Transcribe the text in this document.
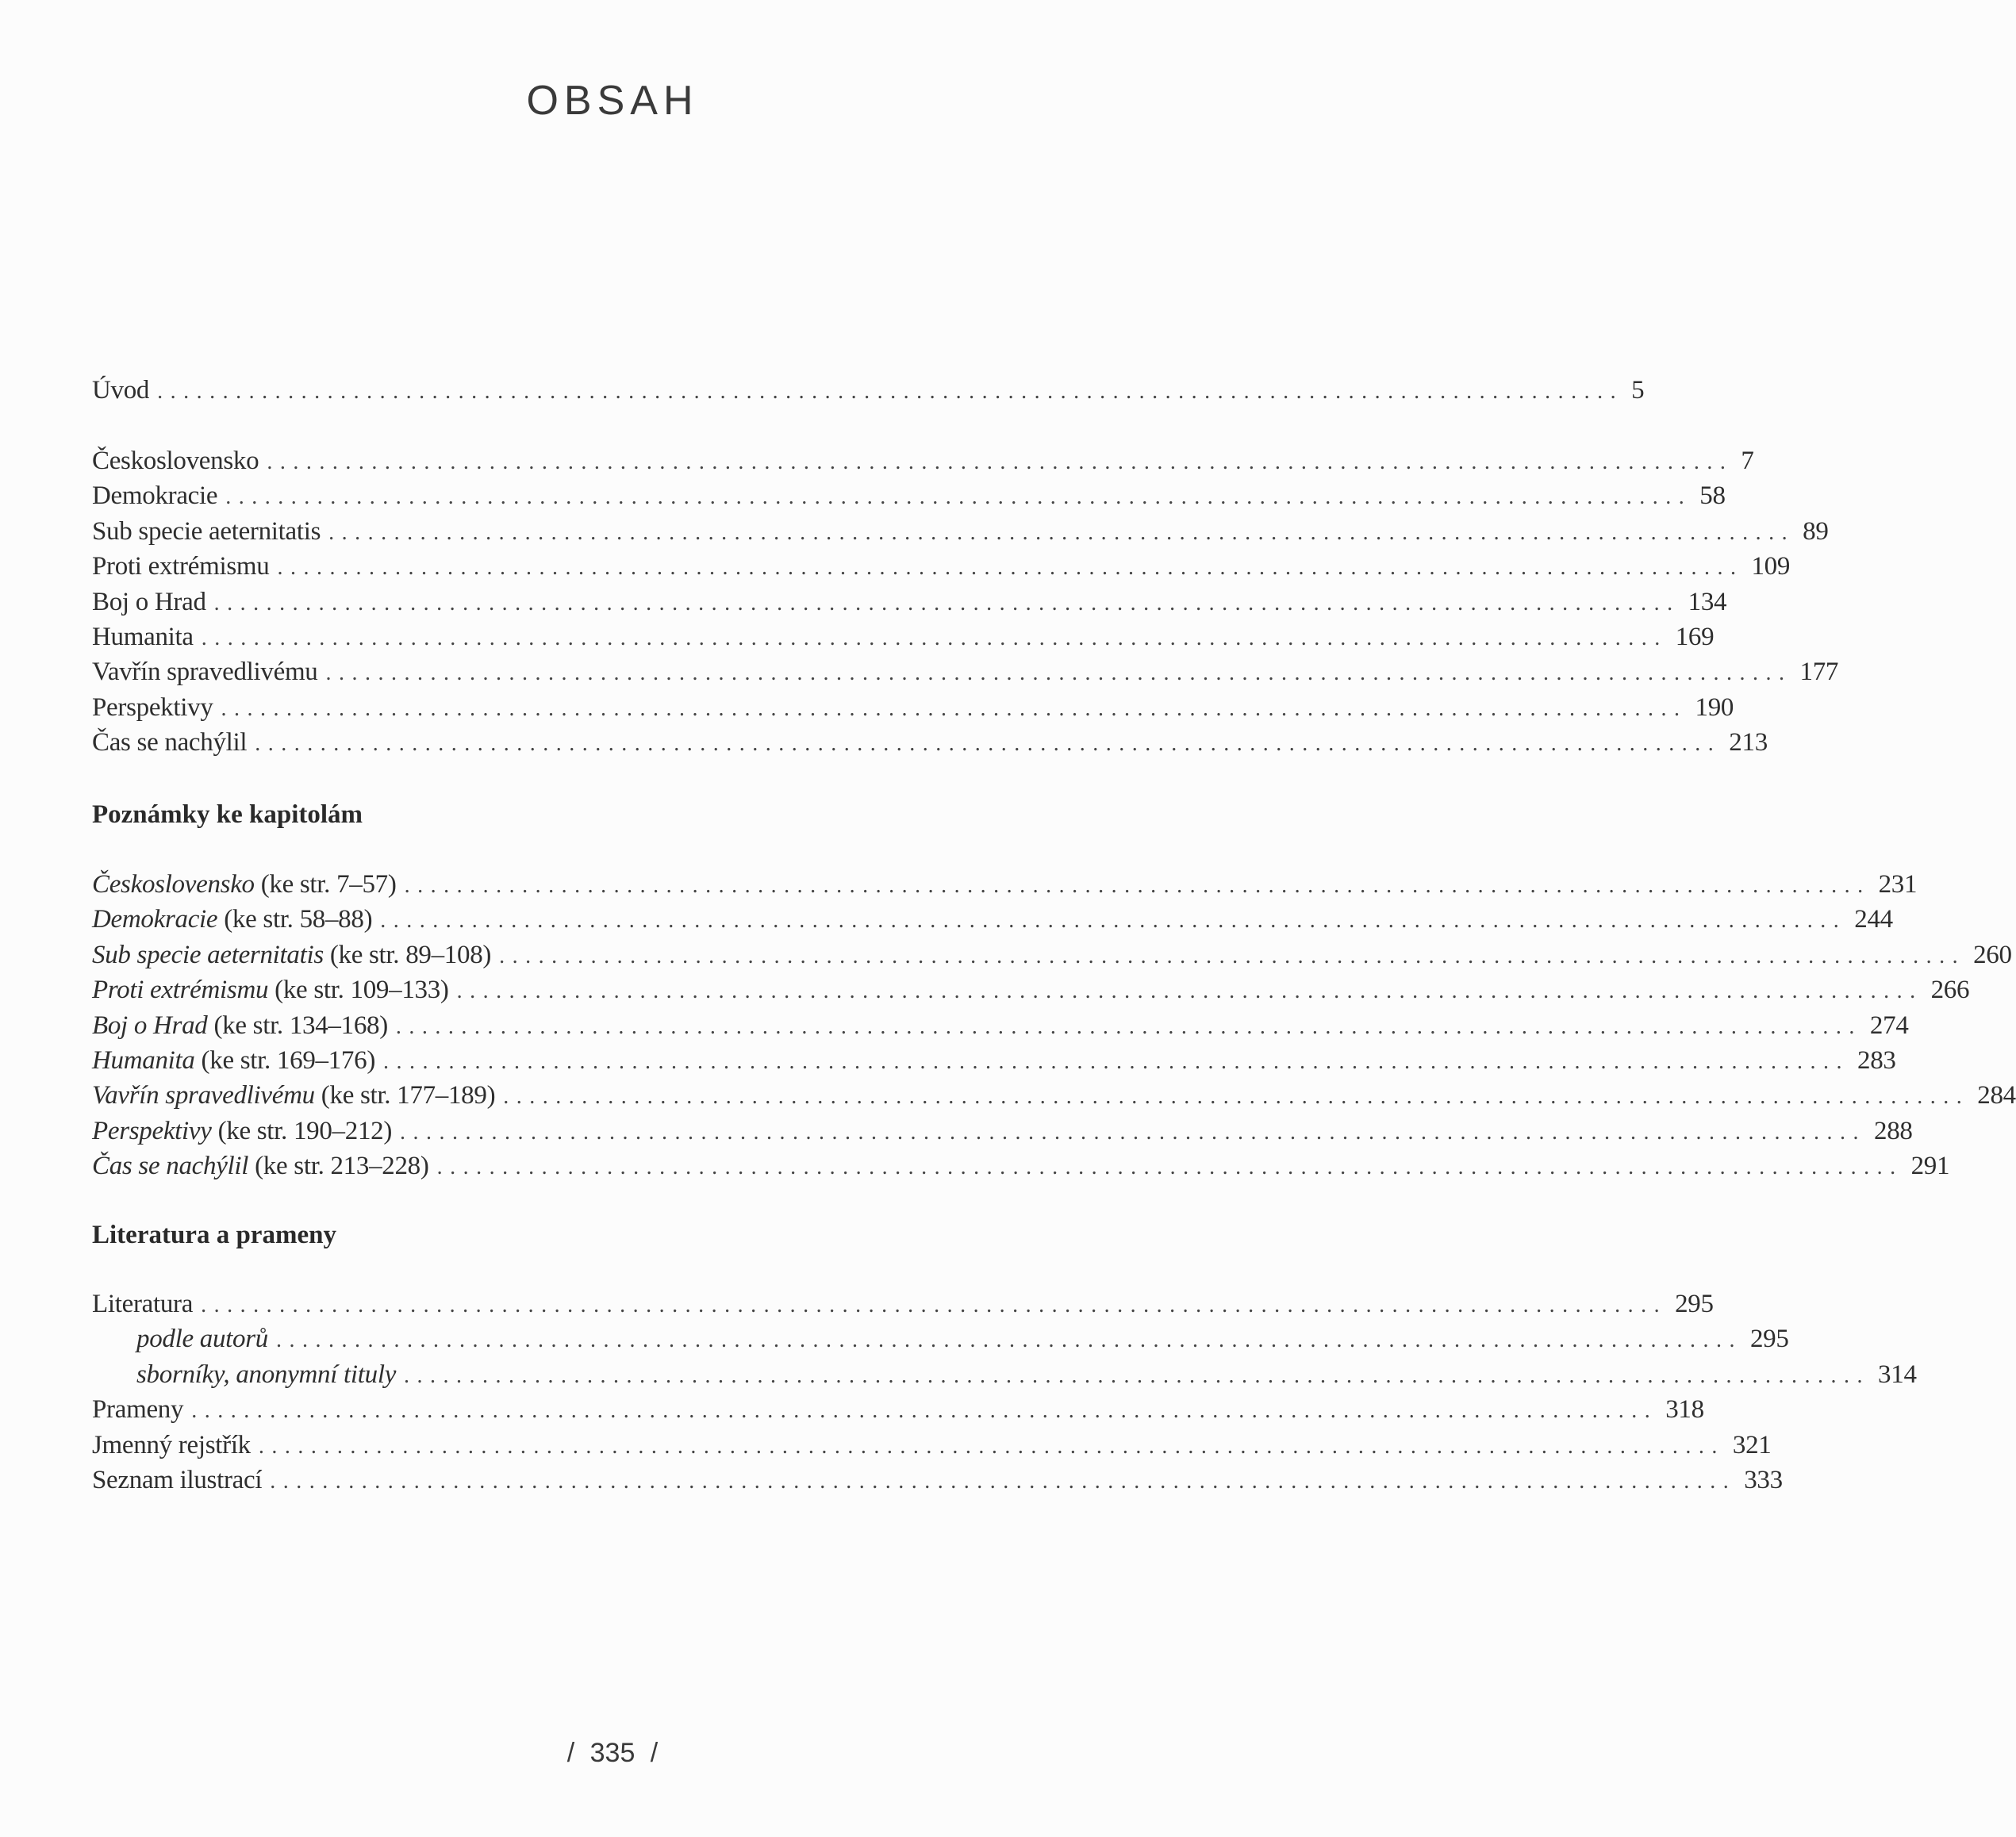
OBSAH
Úvod ................................................................................................................ 5
Československo ................................................................................................................ 7
Demokracie ................................................................................................................ 58
Sub specie aeternitatis ................................................................................................................ 89
Proti extrémismu ................................................................................................................ 109
Boj o Hrad ................................................................................................................ 134
Humanita ................................................................................................................ 169
Vavřín spravedlivému ................................................................................................................ 177
Perspektivy ................................................................................................................ 190
Čas se nachýlil ................................................................................................................ 213
Poznámky ke kapitolám
Československo (ke str. 7–57) ................................................................................................................ 231
Demokracie (ke str. 58–88) ................................................................................................................ 244
Sub specie aeternitatis (ke str. 89–108) ................................................................................................................ 260
Proti extrémismu (ke str. 109–133) ................................................................................................................ 266
Boj o Hrad (ke str. 134–168) ................................................................................................................ 274
Humanita (ke str. 169–176) ................................................................................................................ 283
Vavřín spravedlivému (ke str. 177–189) ................................................................................................................ 284
Perspektivy (ke str. 190–212) ................................................................................................................ 288
Čas se nachýlil (ke str. 213–228) ................................................................................................................ 291
Literatura a prameny
Literatura ................................................................................................................ 295
podle autorů ................................................................................................................ 295
sborníky, anonymní tituly ................................................................................................................ 314
Prameny ................................................................................................................ 318
Jmenný rejstřík ................................................................................................................ 321
Seznam ilustrací ................................................................................................................ 333
/ 335 /
